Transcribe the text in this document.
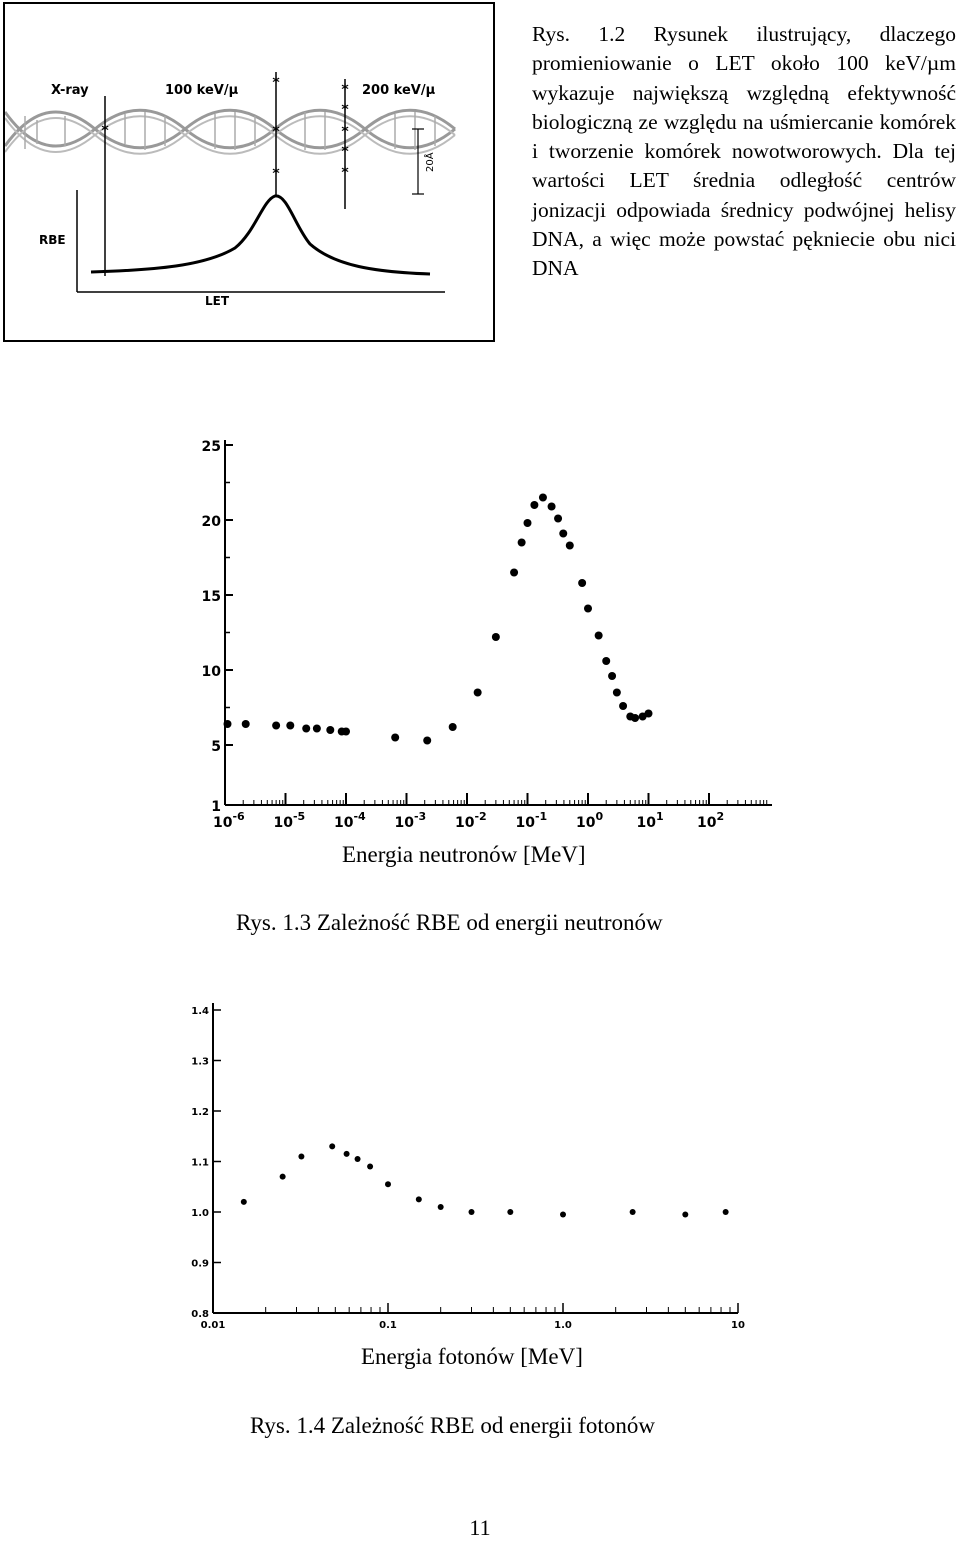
*
*
*
*
*
*
*
*
*
20Å
X-ray	100 keV/μ	200 keV/μ
RBE
LET
Rys. 1.2 Rysunek ilustrujący, dlaczego promieniowanie o LET około 100 keV/µm wykazuje największą względną efektywność biologiczną ze względu na uśmiercanie komórek i tworzenie komórek nowotworowych. Dla tej wartości LET średnia odległość centrów jonizacji odpowiada średnicy podwójnej helisy DNA, a więc może powstać pękniecie obu nici DNA
1
5
10
15
20
25
$10^{-6}$ $10^{-5}$ $10^{-4}$ $10^{-3}$ $10^{-2}$ $10^{-1}$ $10^0$ $10^1$ $10^2$
Energia neutronów [MeV]
Rys. 1.3 Zależność RBE od energii neutronów
0.8
0.9
1.0
1.1
1.2
1.3
1.4
0.01	0.1	1.0	10
Energia fotonów [MeV]
Rys. 1.4 Zależność RBE od energii fotonów
11
